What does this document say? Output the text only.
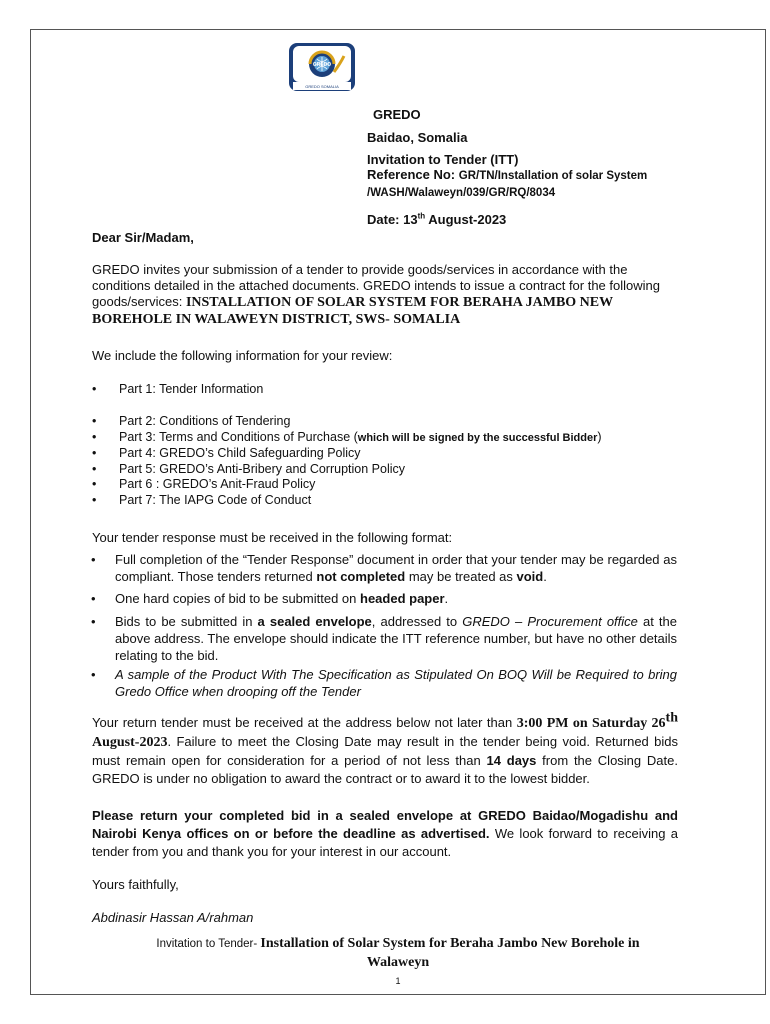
GREDO
GREDO SOMALIA
GREDO
Baidao, Somalia
Invitation to Tender (ITT)
Reference No: GR/TN/Installation of solar System
/WASH/Walaweyn/039/GR/RQ/8034
Date: 13th August-2023
Dear Sir/Madam,
GREDO invites your submission of a tender to provide goods/services in accordance with the conditions detailed in the attached documents. GREDO intends to issue a contract for the following goods/services: INSTALLATION OF SOLAR SYSTEM FOR BERAHA JAMBO NEW BOREHOLE IN WALAWEYN DISTRICT, SWS- SOMALIA
We include the following information for your review:
• Part 1: Tender Information
• Part 2: Conditions of Tendering
• Part 3: Terms and Conditions of Purchase (which will be signed by the successful Bidder)
• Part 4: GREDO’s Child Safeguarding Policy
• Part 5: GREDO’s Anti-Bribery and Corruption Policy
• Part 6 : GREDO’s Anit-Fraud Policy
• Part 7: The IAPG Code of Conduct
Your tender response must be received in the following format:
• Full completion of the “Tender Response” document in order that your tender may be regarded as compliant. Those tenders returned not completed may be treated as void.
• One hard copies of bid to be submitted on headed paper.
• Bids to be submitted in a sealed envelope, addressed to GREDO – Procurement office at the above address. The envelope should indicate the ITT reference number, but have no other details relating to the bid.
• A sample of the Product With The Specification as Stipulated On BOQ Will be Required to bring Gredo Office when drooping off the Tender
Your return tender must be received at the address below not later than 3:00 PM on Saturday 26th August-2023. Failure to meet the Closing Date may result in the tender being void. Returned bids must remain open for consideration for a period of not less than 14 days from the Closing Date. GREDO is under no obligation to award the contract or to award it to the lowest bidder.
Please return your completed bid in a sealed envelope at GREDO Baidao/Mogadishu and Nairobi Kenya offices on or before the deadline as advertised. We look forward to receiving a tender from you and thank you for your interest in our account.
Yours faithfully,
Abdinasir Hassan A/rahman
Invitation to Tender- Installation of Solar System for Beraha Jambo New Borehole in
Walaweyn
1
